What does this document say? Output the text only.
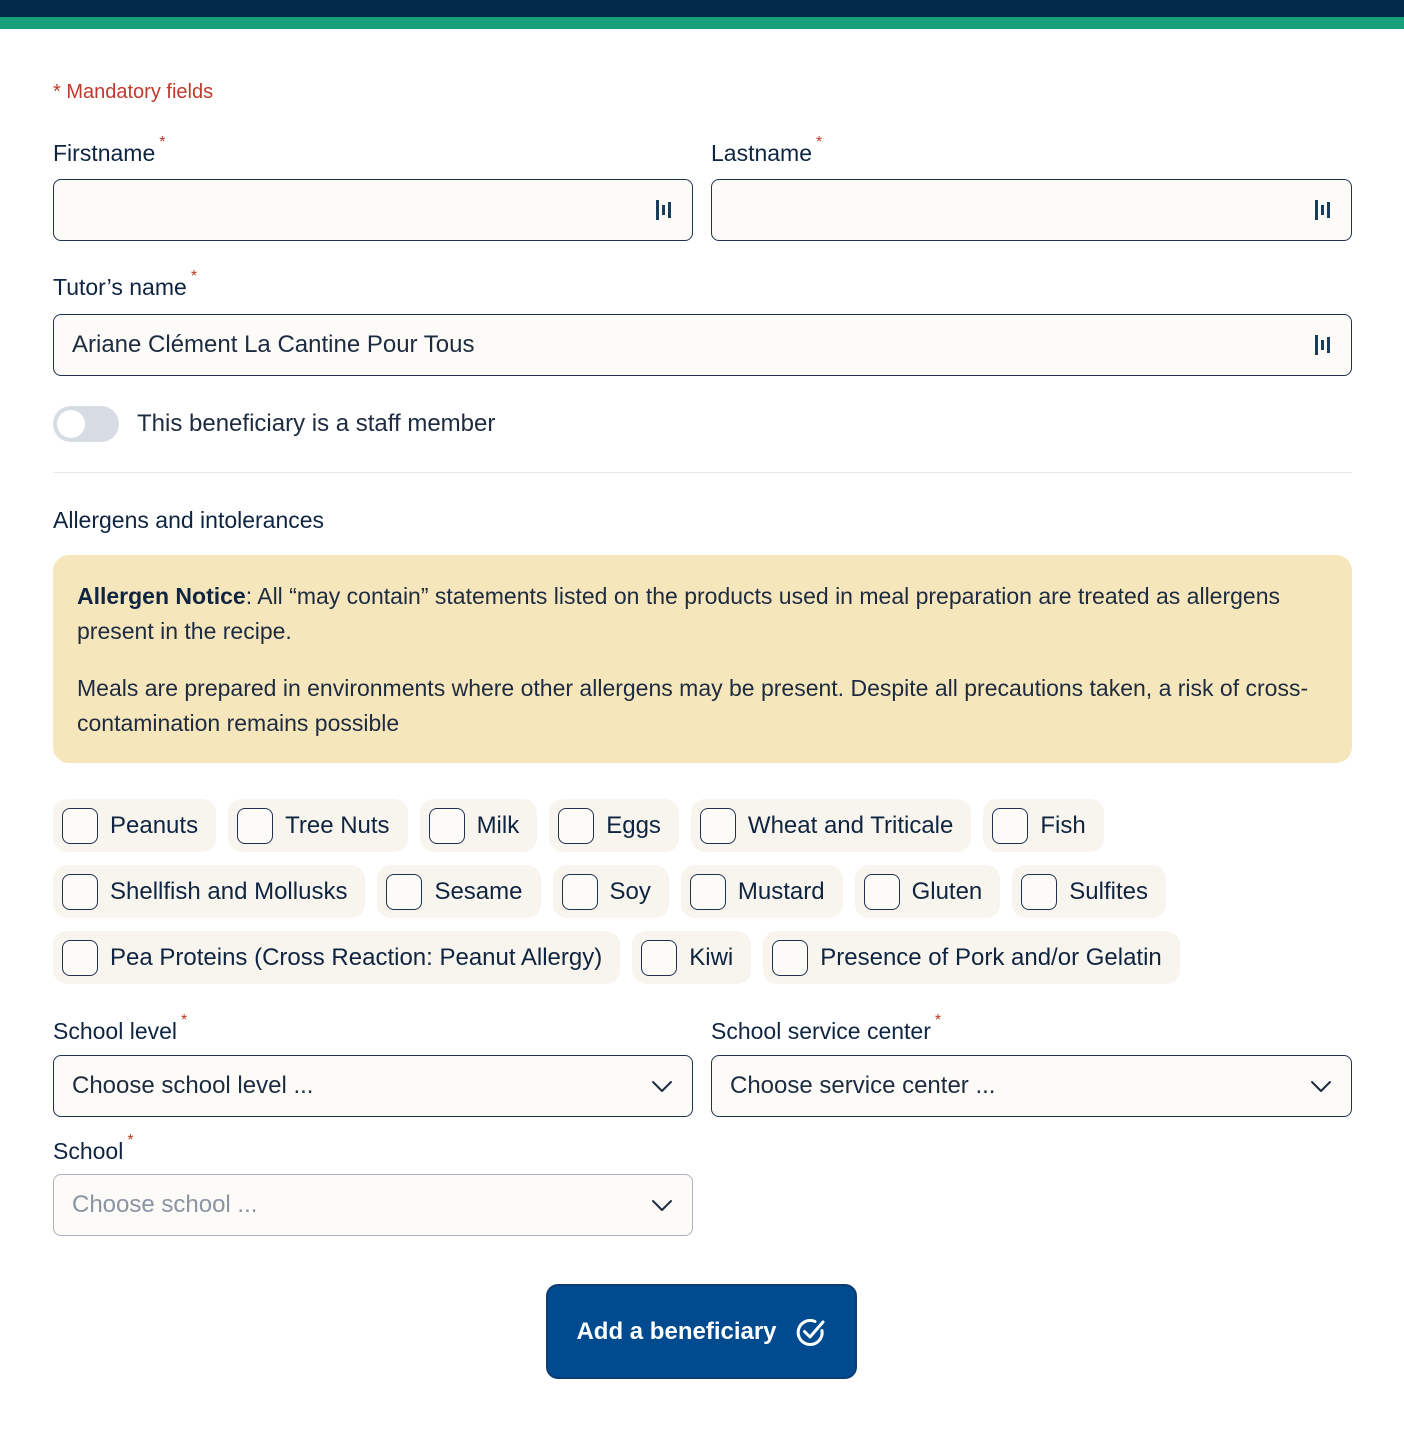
* Mandatory fields
Firstname *	Lastname *
Tutor’s name *
Ariane Clément La Cantine Pour Tous
This beneficiary is a staff member
Allergens and intolerances

Allergen Notice: All “may contain” statements listed on the products used in meal preparation are treated as allergens present in the recipe.

Meals are prepared in environments where other allergens may be present. Despite all precautions taken, a risk of cross-contamination remains possible

Peanuts	Tree Nuts	Milk	Eggs	Wheat and Triticale	Fish
Shellfish and Mollusks	Sesame	Soy	Mustard	Gluten	Sulfites
Pea Proteins (Cross Reaction: Peanut Allergy)	Kiwi	Presence of Pork and/or Gelatin
School level *
Choose school level ...
School service center *
Choose service center ...
School *
Choose school ...
Add a beneficiary
